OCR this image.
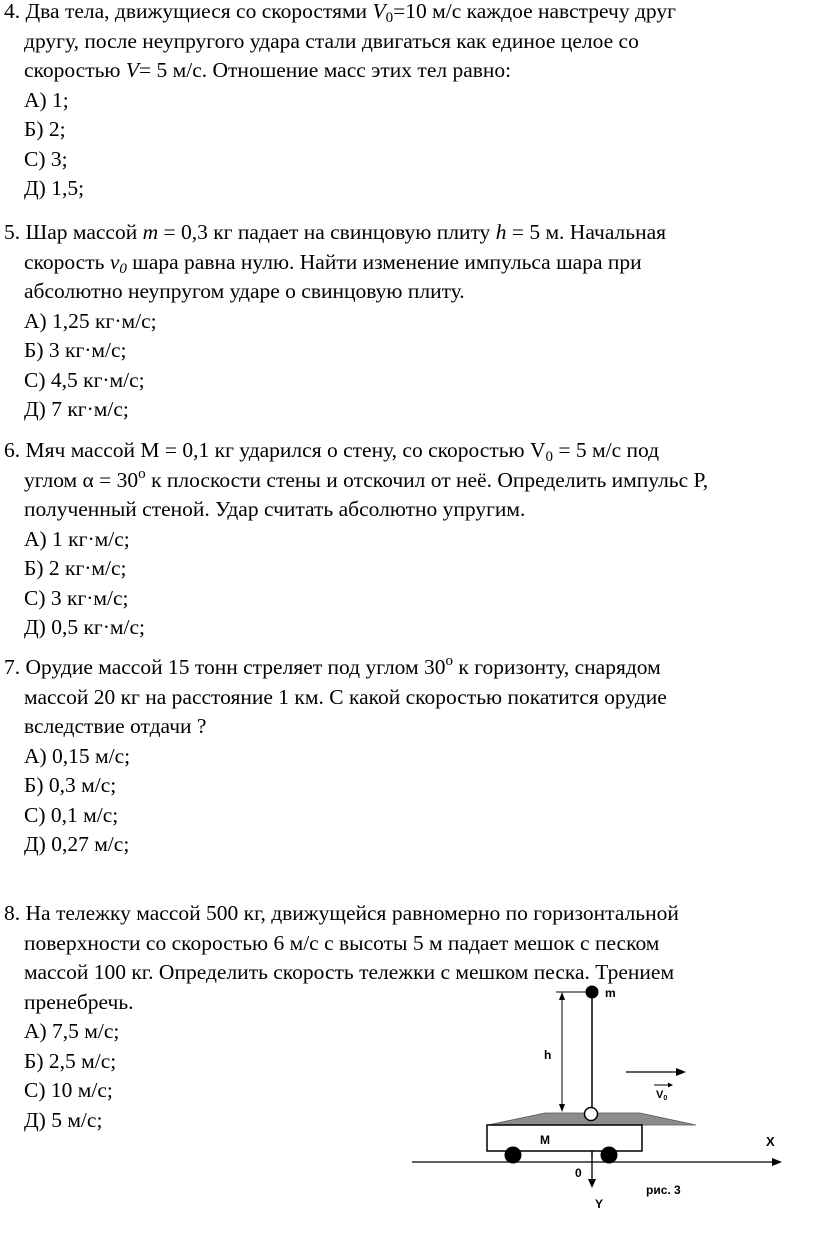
4. Два тела, движущиеся со скоростями $V_0=10$ м/с каждое навстречу друг

другу, после неупругого удара стали двигаться как единое целое со

скоростью V= 5 м/с. Отношение масс этих тел равно:

А) 1;

Б) 2;

С) 3;

Д) 1,5;

5. Шар массой m = 0,3 кг падает на свинцовую плиту h = 5 м. Начальная

скорость $v_0$ шара равна нулю. Найти изменение импульса шара при

абсолютно неупругом ударе о свинцовую плиту.

А) 1,25 кг·м/с;

Б) 3 кг·м/с;

С) 4,5 кг·м/с;

Д) 7 кг·м/с;

6. Мяч массой М = 0,1 кг ударился о стену, со скоростью $V_0 = 5$ м/с под

углом $\alpha = 30^о$ к плоскости стены и отскочил от неё. Определить импульс Р,

полученный стеной. Удар считать абсолютно упругим.

А) 1 кг·м/с;

Б) 2 кг·м/с;

С) 3 кг·м/с;

Д) 0,5 кг·м/с;

7. Орудие массой 15 тонн стреляет под углом $30^о$ к горизонту, снарядом

массой 20 кг на расстояние 1 км. С какой скоростью покатится орудие

вследствие отдачи ?

А) 0,15 м/с;

Б) 0,3 м/с;

С) 0,1 м/с;

Д) 0,27 м/с;

8. На тележку массой 500 кг, движущейся равномерно по горизонтальной

поверхности со скоростью 6 м/с с высоты 5 м падает мешок с песком

массой 100 кг. Определить скорость тележки с мешком песка. Трением

пренебречь.

А) 7,5 м/с;

Б) 2,5 м/с;

С) 10 м/с;

Д) 5 м/с;

m
h
M	X
Y
0
V0
рис. 3
